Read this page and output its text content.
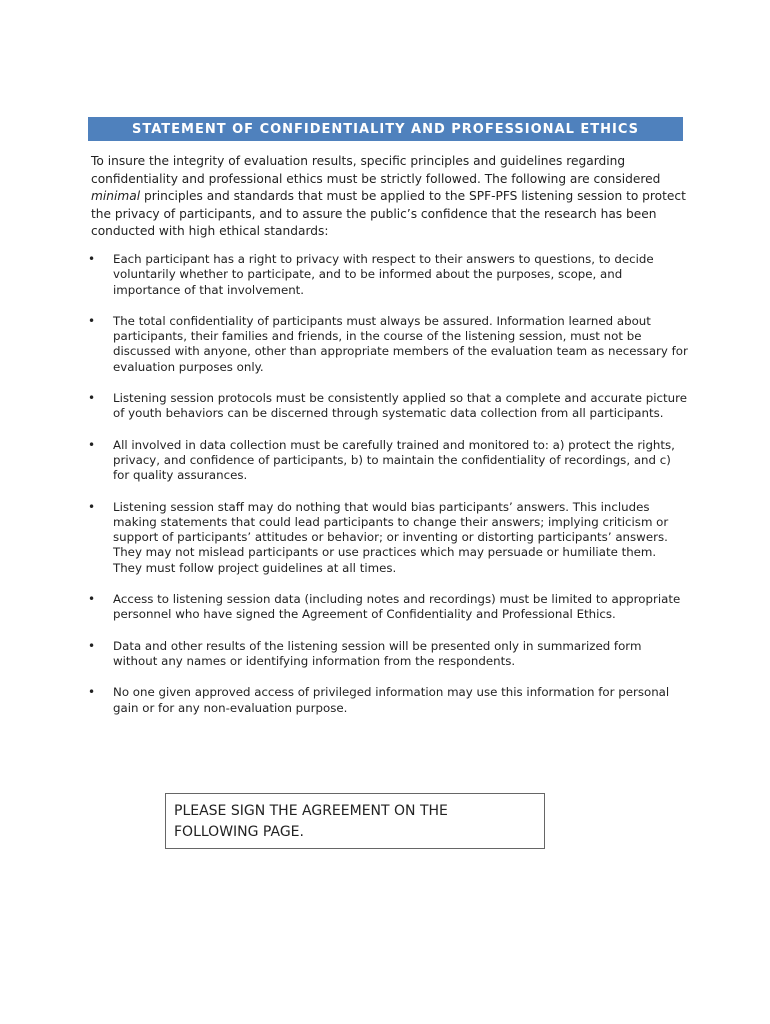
STATEMENT OF CONFIDENTIALITY AND PROFESSIONAL ETHICS

To insure the integrity of evaluation results, specific principles and guidelines regarding confidentiality and professional ethics must be strictly followed. The following are considered minimal principles and standards that must be applied to the SPF-PFS listening session to protect the privacy of participants, and to assure the public’s confidence that the research has been conducted with high ethical standards:

• Each participant has a right to privacy with respect to their answers to questions, to decide voluntarily whether to participate, and to be informed about the purposes, scope, and importance of that involvement.
• The total confidentiality of participants must always be assured. Information learned about participants, their families and friends, in the course of the listening session, must not be discussed with anyone, other than appropriate members of the evaluation team as necessary for evaluation purposes only.
• Listening session protocols must be consistently applied so that a complete and accurate picture of youth behaviors can be discerned through systematic data collection from all participants.
• All involved in data collection must be carefully trained and monitored to: a) protect the rights, privacy, and confidence of participants, b) to maintain the confidentiality of recordings, and c) for quality assurances.
• Listening session staff may do nothing that would bias participants’ answers. This includes making statements that could lead participants to change their answers; implying criticism or support of participants’ attitudes or behavior; or inventing or distorting participants’ answers. They may not mislead participants or use practices which may persuade or humiliate them. They must follow project guidelines at all times.
• Access to listening session data (including notes and recordings) must be limited to appropriate personnel who have signed the Agreement of Confidentiality and Professional Ethics.
• Data and other results of the listening session will be presented only in summarized form without any names or identifying information from the respondents.
• No one given approved access of privileged information may use this information for personal gain or for any non-evaluation purpose.
PLEASE SIGN THE AGREEMENT ON THE FOLLOWING PAGE.
